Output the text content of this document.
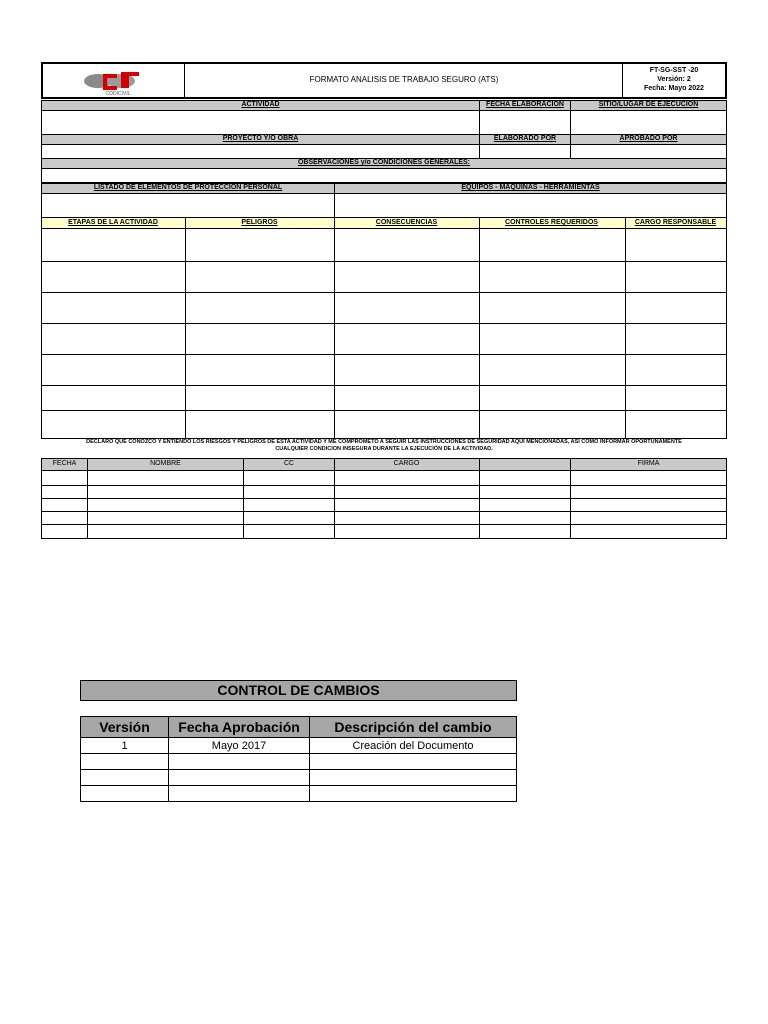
CODICIVIL
FORMATO ANALISIS DE TRABAJO SEGURO (ATS)
FT-SG-SST -20
Versión: 2
Fecha: Mayo 2022
ACTIVIDAD	FECHA ELABORACION	SITIO/LUGAR DE EJECUCIÓN
PROYECTO Y/O OBRA	ELABORADO POR	APROBADO POR
OBSERVACIONES y/o CONDICIONES GENERALES:
LISTADO DE ELEMENTOS DE PROTECCION PERSONAL	EQUIPOS - MAQUINAS - HERRAMIENTAS
ETAPAS DE LA ACTIVIDAD	PELIGROS	CONSECUENCIAS	CONTROLES REQUERIDOS	CARGO RESPONSABLE
DECLARO QUE CONOZCO Y ENTIENDO LOS RIESGOS Y PELIGROS DE ESTA ACTIVIDAD Y ME COMPROMETO A SEGUIR LAS INSTRUCCIONES DE SEGURIDAD AQUÍ MENCIONADAS, ASI COMO INFORMAR OPORTUNAMENTE
CUALQUIER CONDICION INSEGURA DURANTE LA EJECUCIÓN DE LA ACTIVIDAD.
FECHA	NOMBRE	CC	CARGO	FIRMA
CONTROL DE CAMBIOS
Versión	Fecha Aprobación	Descripción del cambio
1	Mayo 2017	Creación del Documento
